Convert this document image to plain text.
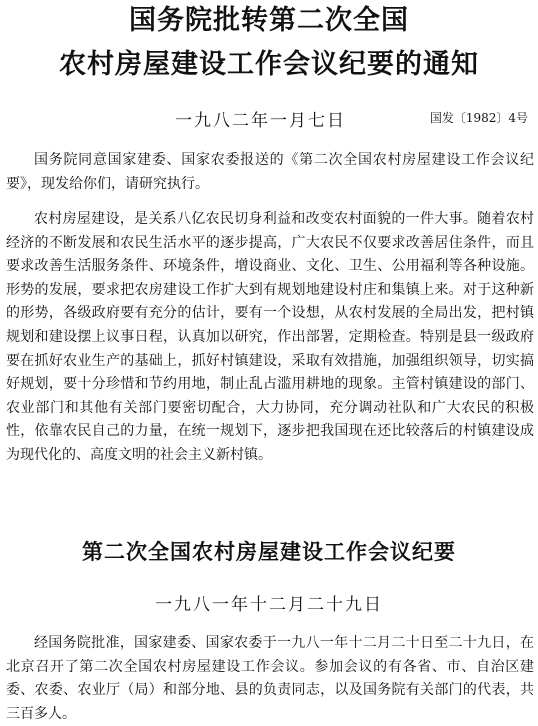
国务院批转第二次全国
农村房屋建设工作会议纪要的通知
一九八二年一月七日	国发〔1982〕4号

国务院同意国家建委、国家农委报送的《第二次全国农村房屋建设工作会议纪要》，现发给你们，请研究执行。

农村房屋建设，是关系八亿农民切身利益和改变农村面貌的一件大事。随着农村经济的不断发展和农民生活水平的逐步提高，广大农民不仅要求改善居住条件，而且要求改善生活服务条件、环境条件，增设商业、文化、卫生、公用福利等各种设施。形势的发展，要求把农房建设工作扩大到有规划地建设村庄和集镇上来。对于这种新的形势，各级政府要有充分的估计，要有一个设想，从农村发展的全局出发，把村镇规划和建设摆上议事日程，认真加以研究，作出部署，定期检查。特别是县一级政府要在抓好农业生产的基础上，抓好村镇建设，采取有效措施，加强组织领导，切实搞好规划，要十分珍惜和节约用地，制止乱占滥用耕地的现象。主管村镇建设的部门、农业部门和其他有关部门要密切配合，大力协同，充分调动社队和广大农民的积极性，依靠农民自己的力量，在统一规划下，逐步把我国现在还比较落后的村镇建设成为现代化的、高度文明的社会主义新村镇。

第二次全国农村房屋建设工作会议纪要
一九八一年十二月二十九日

经国务院批准，国家建委、国家农委于一九八一年十二月二十日至二十九日，在北京召开了第二次全国农村房屋建设工作会议。参加会议的有各省、市、自治区建委、农委、农业厅（局）和部分地、县的负责同志，以及国务院有关部门的代表，共三百多人。
